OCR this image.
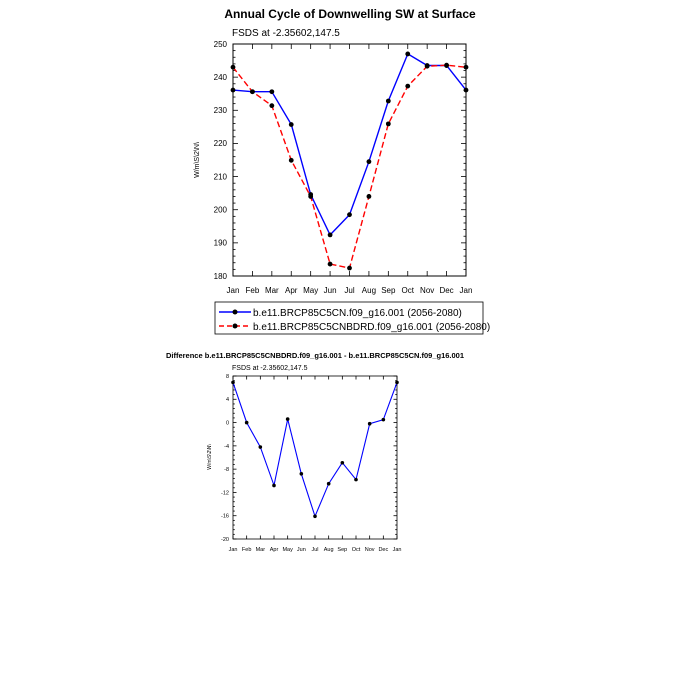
Annual Cycle of Downwelling SW at Surface
FSDS at -2.35602,147.5
W/m\S\2\N\
180
190
200
210
220
230
240
250
Jan Feb Mar Apr May Jun Jul Aug Sep Oct Nov Dec Jan
b.e11.BRCP85C5CN.f09_g16.001 (2056-2080)
b.e11.BRCP85C5CNBDRD.f09_g16.001 (2056-2080)
Difference b.e11.BRCP85C5CNBDRD.f09_g16.001 - b.e11.BRCP85C5CN.f09_g16.001
FSDS at -2.35602,147.5
W/m\S\2\N\
-20
-16
-12
-8
-4
0
4
8
Jan Feb Mar Apr May Jun Jul Aug Sep Oct Nov Dec Jan
